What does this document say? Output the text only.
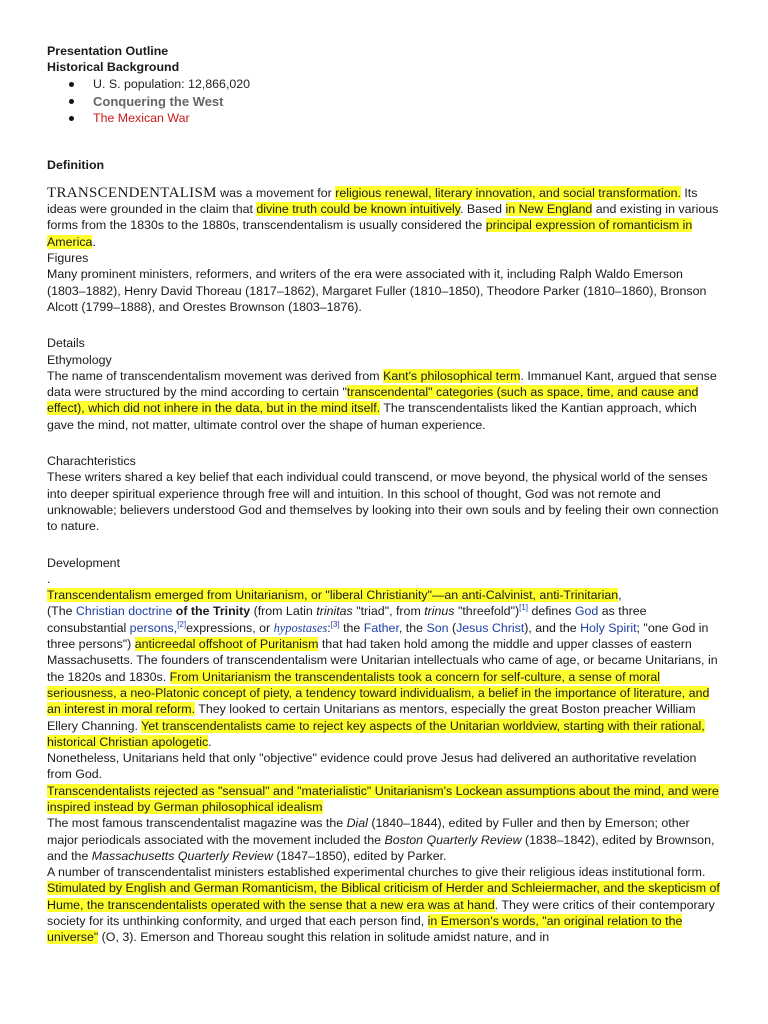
Presentation Outline
Historical Background
U. S. population: 12,866,020
Conquering the West
The Mexican War
Definition

TRANSCENDENTALISM was a movement for religious renewal, literary innovation, and social transformation. Its ideas were grounded in the claim that divine truth could be known intuitively. Based in New England and existing in various forms from the 1830s to the 1880s, transcendentalism is usually considered the principal expression of romanticism in America.

Figures

Many prominent ministers, reformers, and writers of the era were associated with it, including Ralph Waldo Emerson (1803–1882), Henry David Thoreau (1817–1862), Margaret Fuller (1810–1850), Theodore Parker (1810–1860), Bronson Alcott (1799–1888), and Orestes Brownson (1803–1876).

Details
Ethymology

The name of transcendentalism movement was derived from Kant's philosophical term. Immanuel Kant, argued that sense data were structured by the mind according to certain "transcendental" categories (such as space, time, and cause and effect), which did not inhere in the data, but in the mind itself. The transcendentalists liked the Kantian approach, which gave the mind, not matter, ultimate control over the shape of human experience.

Charachteristics

These writers shared a key belief that each individual could transcend, or move beyond, the physical world of the senses into deeper spiritual experience through free will and intuition. In this school of thought, God was not remote and unknowable; believers understood God and themselves by looking into their own souls and by feeling their own connection to nature.

Development
.

Transcendentalism emerged from Unitarianism, or "liberal Christianity"—an anti-Calvinist, anti-Trinitarian,
(The Christian doctrine of the Trinity (from Latin trinitas "triad", from trinus "threefold")[1] defines God as three consubstantial persons,[2]expressions, or hypostases:[3] the Father, the Son (Jesus Christ), and the Holy Spirit; "one God in three persons") anticreedal offshoot of Puritanism that had taken hold among the middle and upper classes of eastern Massachusetts. The founders of transcendentalism were Unitarian intellectuals who came of age, or became Unitarians, in the 1820s and 1830s. From Unitarianism the transcendentalists took a concern for self-culture, a sense of moral seriousness, a neo-Platonic concept of piety, a tendency toward individualism, a belief in the importance of literature, and an interest in moral reform. They looked to certain Unitarians as mentors, especially the great Boston preacher William Ellery Channing. Yet transcendentalists came to reject key aspects of the Unitarian worldview, starting with their rational, historical Christian apologetic.

Nonetheless, Unitarians held that only "objective" evidence could prove Jesus had delivered an authoritative revelation from God.

Transcendentalists rejected as "sensual" and "materialistic" Unitarianism's Lockean assumptions about the mind, and were inspired instead by German philosophical idealism

The most famous transcendentalist magazine was the Dial (1840–1844), edited by Fuller and then by Emerson; other major periodicals associated with the movement included the Boston Quarterly Review (1838–1842), edited by Brownson, and the Massachusetts Quarterly Review (1847–1850), edited by Parker.

A number of transcendentalist ministers established experimental churches to give their religious ideas institutional form.

Stimulated by English and German Romanticism, the Biblical criticism of Herder and Schleiermacher, and the skepticism of Hume, the transcendentalists operated with the sense that a new era was at hand. They were critics of their contemporary society for its unthinking conformity, and urged that each person find, in Emerson's words, "an original relation to the universe" (O, 3). Emerson and Thoreau sought this relation in solitude amidst nature, and in
